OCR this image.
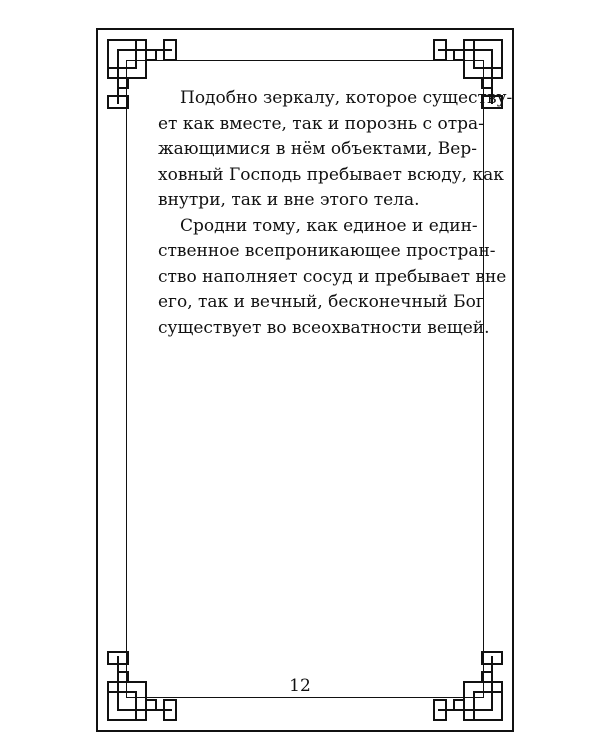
Подобно зеркалу, которое существу-
ет как вместе, так и порознь с отра-
жающимися в нём объектами, Вер-
ховный Господь пребывает всюду, как
внутри, так и вне этого тела.
Сродни тому, как единое и един-
ственное всепроникающее простран-
ство наполняет сосуд и пребывает вне
его, так и вечный, бесконечный Бог
существует во всеохватности вещей.
12
